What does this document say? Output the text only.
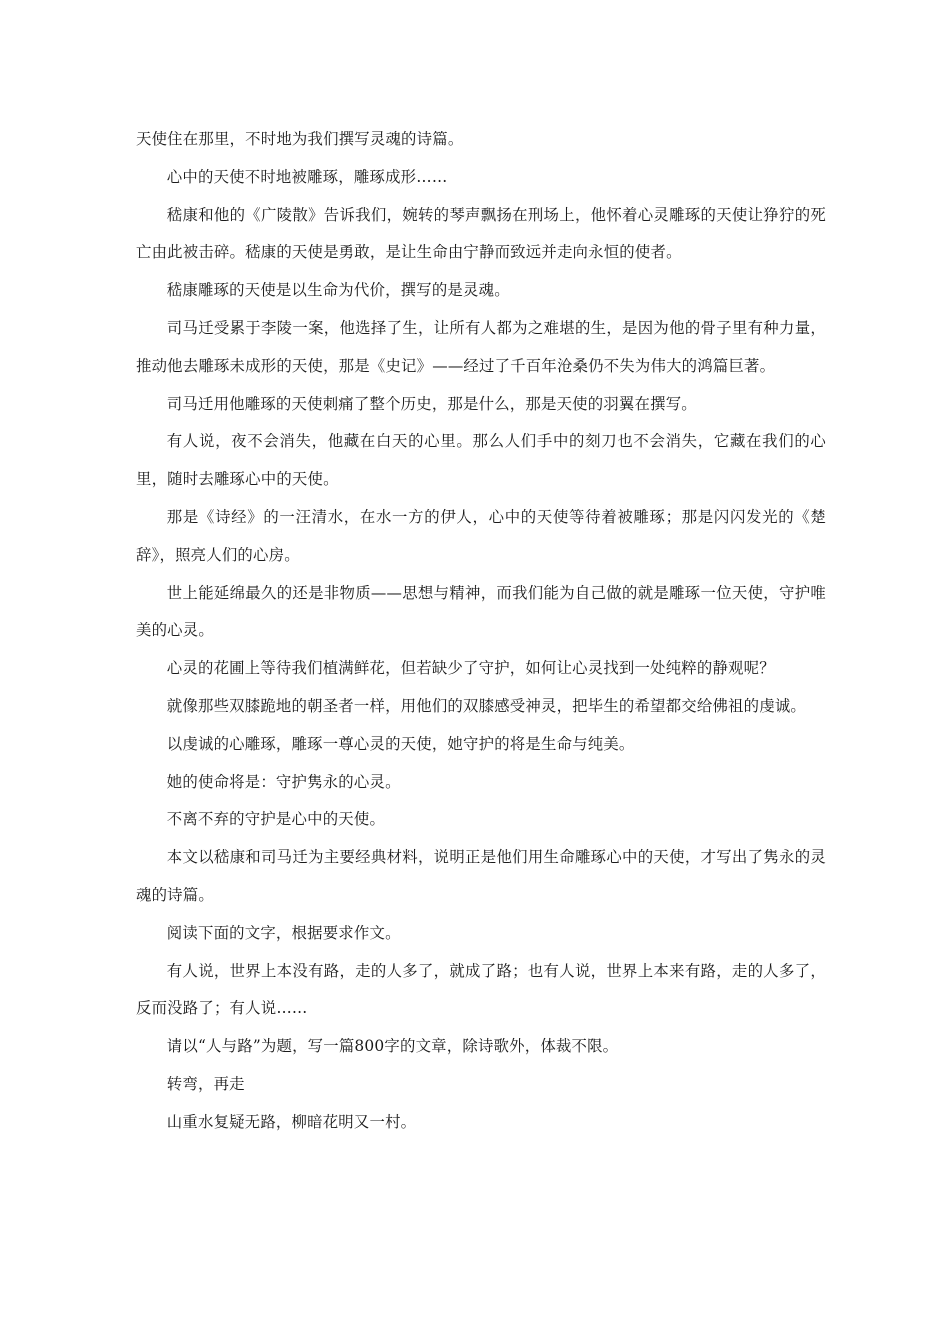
天使住在那里，不时地为我们撰写灵魂的诗篇。

心中的天使不时地被雕琢，雕琢成形……

嵇康和他的《广陵散》告诉我们，婉转的琴声飘扬在刑场上，他怀着心灵雕琢的天使让狰狞的死亡由此被击碎。嵇康的天使是勇敢，是让生命由宁静而致远并走向永恒的使者。

嵇康雕琢的天使是以生命为代价，撰写的是灵魂。

司马迁受累于李陵一案，他选择了生，让所有人都为之难堪的生，是因为他的骨子里有种力量，推动他去雕琢未成形的天使，那是《史记》——经过了千百年沧桑仍不失为伟大的鸿篇巨著。

司马迁用他雕琢的天使刺痛了整个历史，那是什么，那是天使的羽翼在撰写。

有人说，夜不会消失，他藏在白天的心里。那么人们手中的刻刀也不会消失，它藏在我们的心里，随时去雕琢心中的天使。

那是《诗经》的一汪清水，在水一方的伊人，心中的天使等待着被雕琢；那是闪闪发光的《楚辞》，照亮人们的心房。

世上能延绵最久的还是非物质——思想与精神，而我们能为自己做的就是雕琢一位天使，守护唯美的心灵。

心灵的花圃上等待我们植满鲜花，但若缺少了守护，如何让心灵找到一处纯粹的静观呢？

就像那些双膝跪地的朝圣者一样，用他们的双膝感受神灵，把毕生的希望都交给佛祖的虔诚。

以虔诚的心雕琢，雕琢一尊心灵的天使，她守护的将是生命与纯美。

她的使命将是：守护隽永的心灵。

不离不弃的守护是心中的天使。

本文以嵇康和司马迁为主要经典材料，说明正是他们用生命雕琢心中的天使，才写出了隽永的灵魂的诗篇。

阅读下面的文字，根据要求作文。

有人说，世界上本没有路，走的人多了，就成了路；也有人说，世界上本来有路，走的人多了，反而没路了；有人说……

请以“人与路”为题，写一篇800字的文章，除诗歌外，体裁不限。

转弯，再走

山重水复疑无路，柳暗花明又一村。
